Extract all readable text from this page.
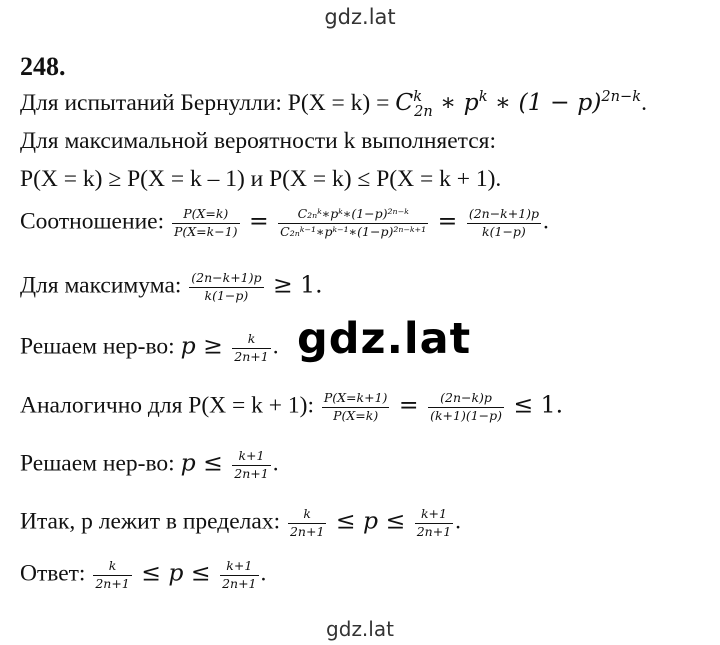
gdz.lat
gdz.lat
gdz.lat
248.
Для испытаний Бернулли: $P(X = k) = C^k_{2n}$ ∗ $p^k$ ∗ $(1 - p)^{2n-k}$.
Для максимальной вероятности k выполняется:
P(X = k) ≥ P(X = k – 1) и P(X = k) ≤ P(X = k + 1).
Соотношение: $\frac{P(X=k)}{P(X=k-1)} = \frac{\text{C₂ₙᵏ∗pᵏ∗(1−p)²ⁿ⁻ᵏ}}{\text{C₂ₙᵏ⁻¹∗pᵏ⁻¹∗(1−p)²ⁿ⁻ᵏ⁺¹}} = \frac{(2n-k+1)p}{k(1-p)}$ .
Для максимума: $\frac{(2n-k+1)p}{k(1-p)} \ge 1$.
Решаем нер-во: $p \ge \frac{k}{2n+1}$ .
Аналогично для P(X = k + 1): $\frac{P(X=k+1)}{P(X=k)} = \frac{(2n-k)p}{(k+1)(1-p)} \le 1$.
Решаем нер-во: $p \le \frac{k+1}{2n+1}$ .
Итак, р лежит в пределах: $\frac{k}{2n+1} \le p \le \frac{k+1}{2n+1}$ .
Ответ: $\frac{k}{2n+1} \le p \le \frac{k+1}{2n+1}$ .
